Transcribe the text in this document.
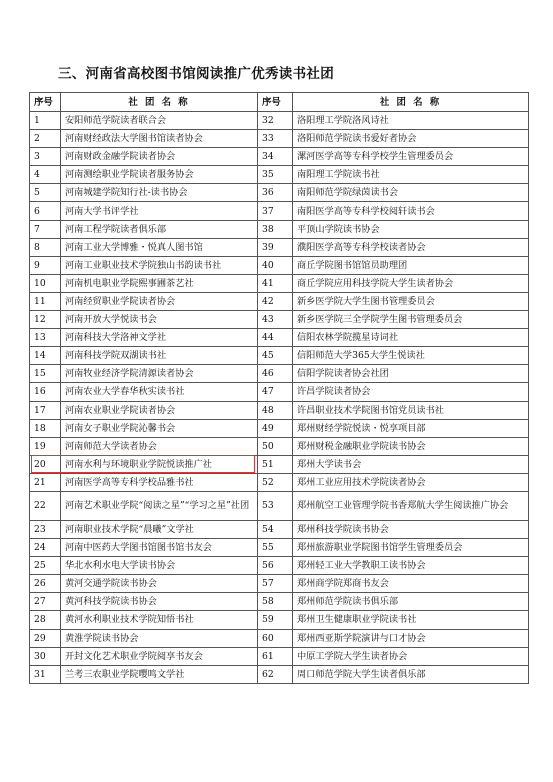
三、河南省高校图书馆阅读推广优秀读书社团
序号	社 团 名 称	序号	社 团 名 称
1	安阳师范学院读者联合会	32	洛阳理工学院洛风诗社
2	河南财经政法大学图书馆读者协会	33	洛阳师范学院读书爱好者协会
3	河南财政金融学院读者协会	34	漯河医学高等专科学校学生管理委员会
4	河南测绘职业学院读者服务协会	35	南阳理工学院读书社
5	河南城建学院知行社-读书协会	36	南阳师范学院绿茵读书会
6	河南大学书评学社	37	南阳医学高等专科学校阅轩读书会
7	河南工程学院读者俱乐部	38	平顶山学院读书协会
8	河南工业大学博雅・悦真人图书馆	39	濮阳医学高等专科学校读者协会
9	河南工业职业技术学院独山书韵读书社	40	商丘学院图书馆馆员助理团
10	河南机电职业学院熙事圃茶艺社	41	商丘学院应用科技学院大学生读者协会
11	河南经贸职业学院读者协会	42	新乡医学院大学生图书管理委员会
12	河南开放大学悦读书会	43	新乡医学院三全学院学生图书管理委员会
13	河南科技大学洛神文学社	44	信阳农林学院揽星诗词社
14	河南科技学院双湖读书社	45	信阳师范大学365大学生悦读社
15	河南牧业经济学院清源读者协会	46	信阳学院读者协会社团
16	河南农业大学春华秋实读书社	47	许昌学院读者协会
17	河南农业职业学院读者协会	48	许昌职业技术学院图书馆党员读书社
18	河南女子职业学院沁馨书会	49	郑州财经学院悦读・悦享项目部
19	河南师范大学读者协会	50	郑州财税金融职业学院读书协会
20	河南水利与环境职业学院悦读推广社	51	郑州大学读书会
21	河南医学高等专科学校品雅书社	52	郑州工业应用技术学院读者协会
22	河南艺术职业学院“阅读之星”“学习之星”社团	53	郑州航空工业管理学院书香郑航大学生阅读推广协会
23	河南职业技术学院“晨曦”文学社	54	郑州科技学院读书协会
24	河南中医药大学图书馆图书馆书友会	55	郑州旅游职业学院图书馆学生管理委员会
25	华北水利水电大学读书协会	56	郑州轻工业大学教职工读书协会
26	黄河交通学院读书协会	57	郑州商学院郑商书友会
27	黄河科技学院读书协会	58	郑州师范学院读书俱乐部
28	黄河水利职业技术学院知悟书社	59	郑州卫生健康职业学院读书社
29	黄淮学院读书协会	60	郑州西亚斯学院演讲与口才协会
30	开封文化艺术职业学院阅享书友会	61	中原工学院大学生读者协会
31	兰考三农职业学院嘤鸣文学社	62	周口师范学院大学生读者俱乐部
